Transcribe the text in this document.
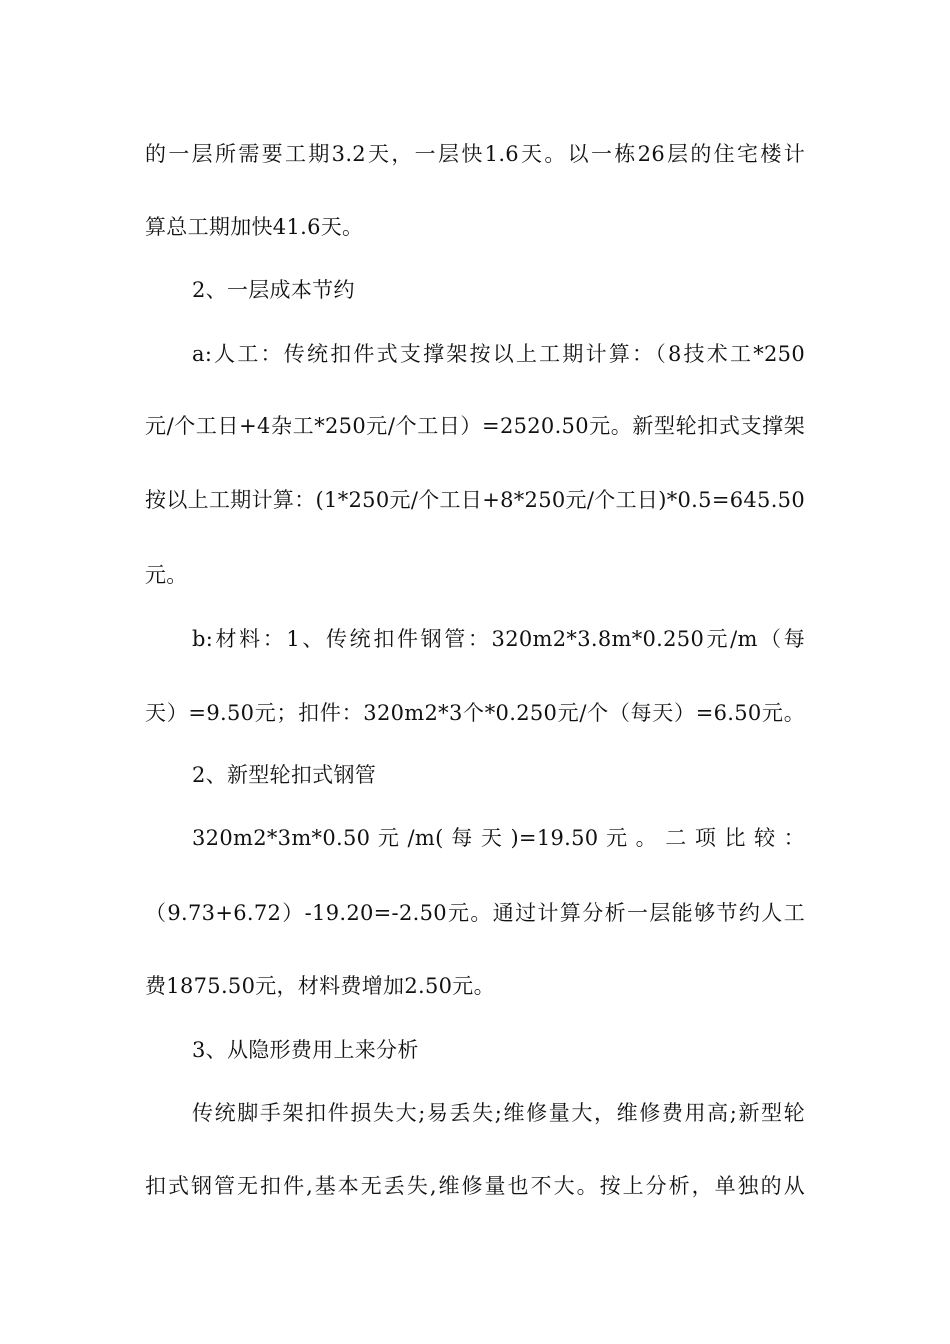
的一层所需要工期3.2天，一层快1.6天。以一栋26层的住宅楼计
算总工期加快41.6天。
2、一层成本节约
a:人工：传统扣件式支撑架按以上工期计算：（8技术工*250
元/个工日+4杂工*250元/个工日）=2520.50元。新型轮扣式支撑架
按以上工期计算：(1*250元/个工日+8*250元/个工日)*0.5=645.50
元。
b:材料：1、传统扣件钢管：320m2*3.8m*0.250元/m（每
天）=9.50元；扣件：320m2*3个*0.250元/个（每天）=6.50元。
2、新型轮扣式钢管
320m2*3m*0.50 元 /m( 每 天 )=19.50 元 。 二 项 比 较 ：
（9.73+6.72）-19.20=-2.50元。通过计算分析一层能够节约人工
费1875.50元，材料费增加2.50元。
3、从隐形费用上来分析
传统脚手架扣件损失大;易丢失;维修量大，维修费用高;新型轮
扣式钢管无扣件,基本无丢失,维修量也不大。按上分析，单独的从
